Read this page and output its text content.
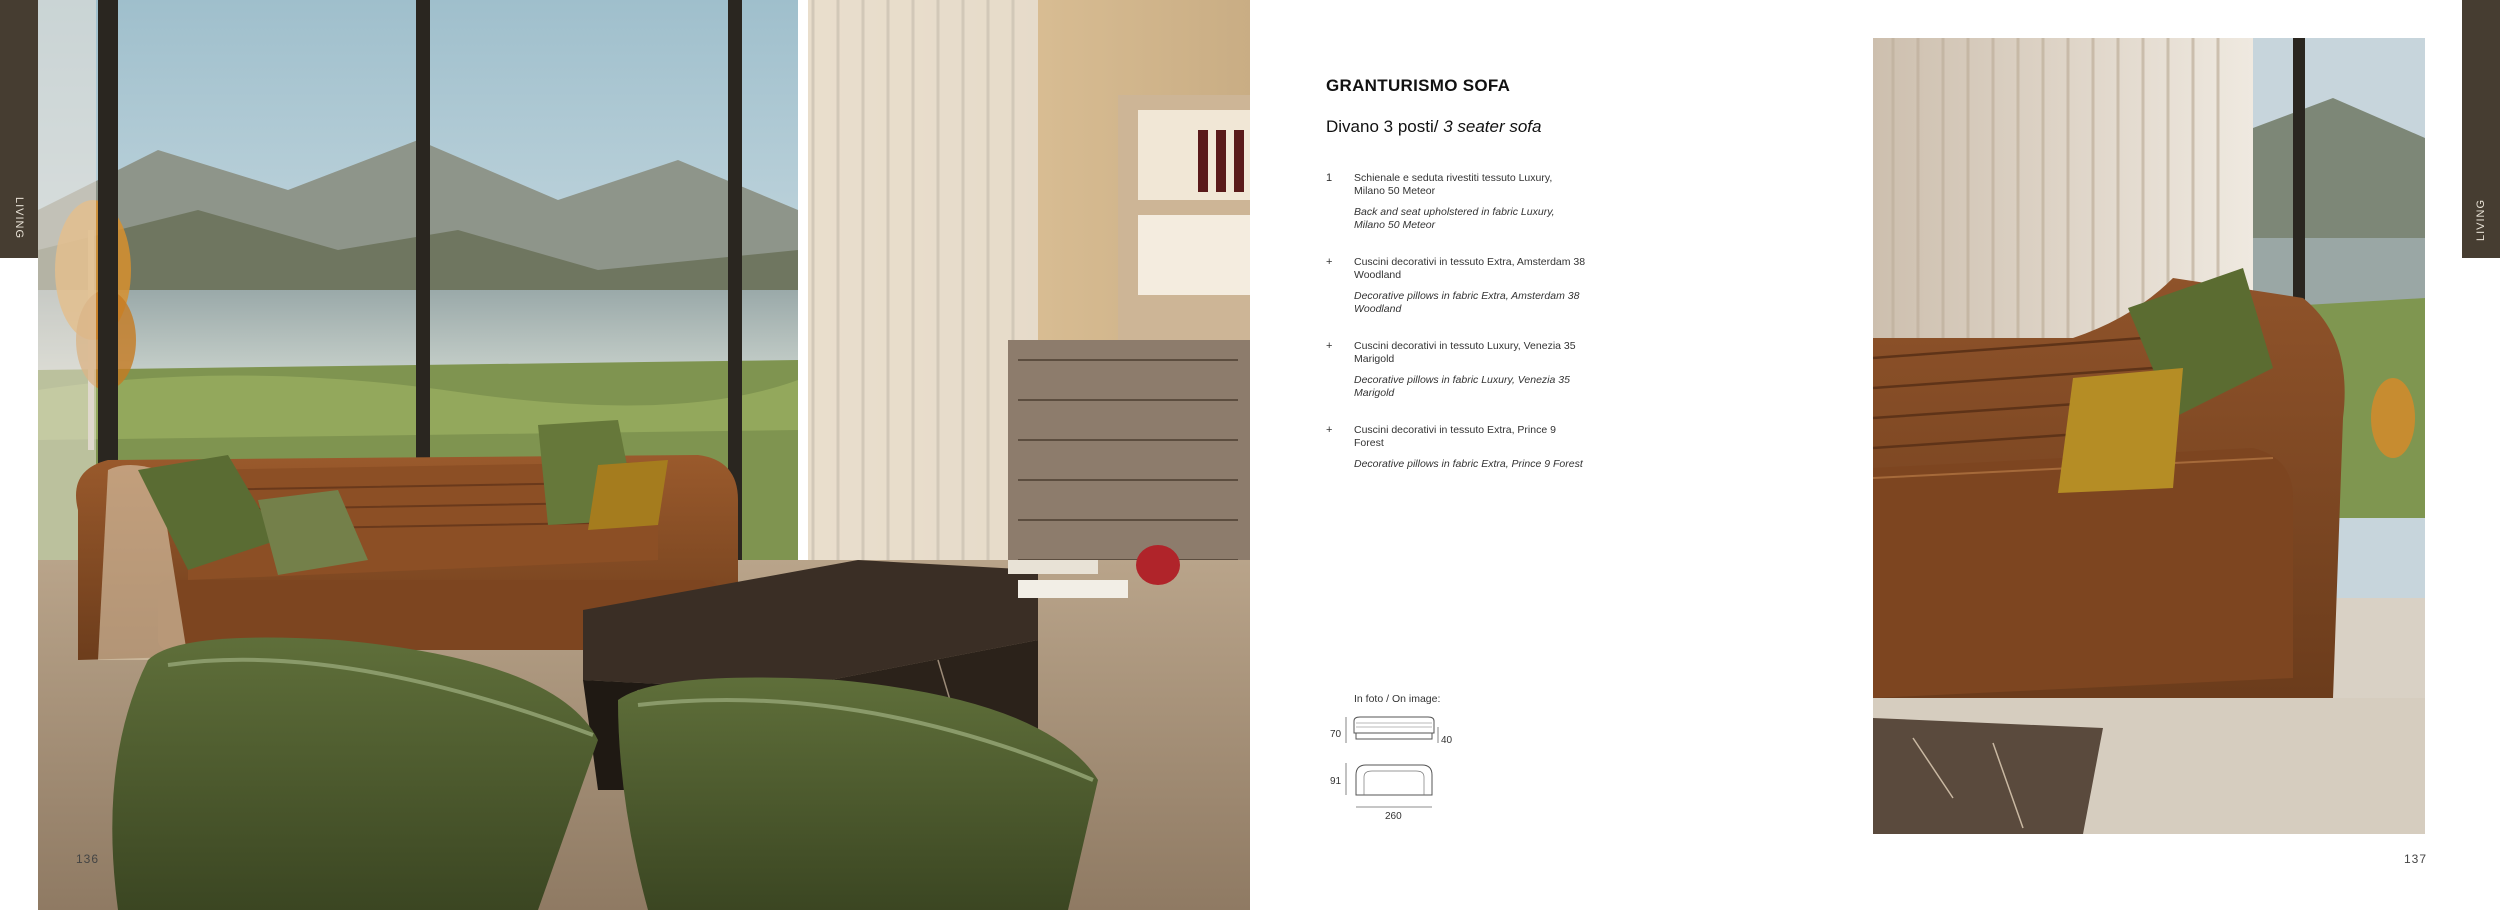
LIVING
136
GRANTURISMO SOFA
Divano 3 posti/ 3 seater sofa
1 Schienale e seduta rivestiti tessuto Luxury, Milano 50 Meteor
Back and seat upholstered in fabric Luxury, Milano 50 Meteor
+ Cuscini decorativi in tessuto Extra, Amsterdam 38 Woodland
Decorative pillows in fabric Extra, Amsterdam 38 Woodland
+ Cuscini decorativi in tessuto Luxury, Venezia 35 Marigold
Decorative pillows in fabric Luxury, Venezia 35 Marigold
+ Cuscini decorativi in tessuto Extra, Prince 9 Forest
Decorative pillows in fabric Extra, Prince 9 Forest
In foto / On image:
70
40
91
260
137
LIVING
